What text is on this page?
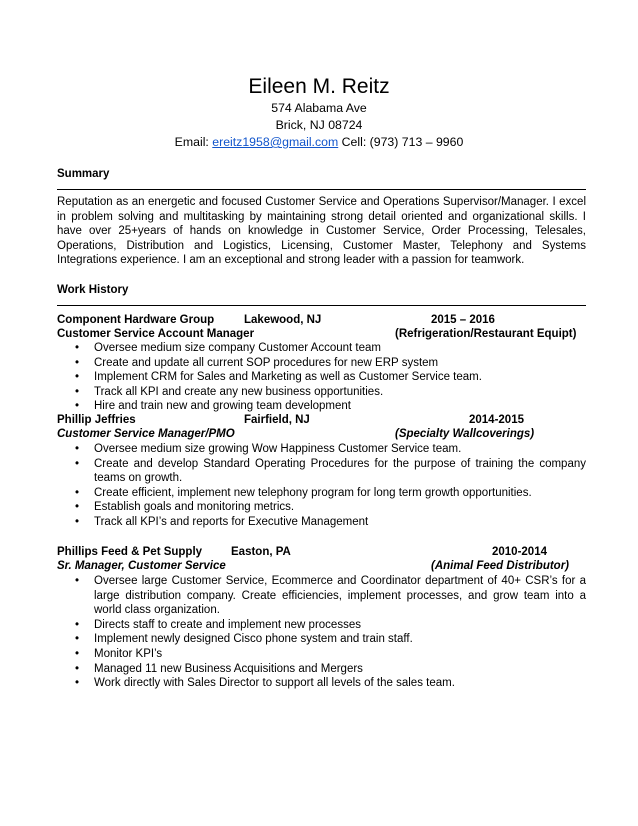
Eileen M. Reitz
574 Alabama Ave
Brick, NJ 08724
Email: ereitz1958@gmail.com Cell: (973) 713 – 9960
Summary
Reputation as an energetic and focused Customer Service and Operations Supervisor/Manager. I excel in problem solving and multitasking by maintaining strong detail oriented and organizational skills. I have over 25+years of hands on knowledge in Customer Service, Order Processing, Telesales, Operations, Distribution and Logistics, Licensing, Customer Master, Telephony and Systems Integrations experience. I am an exceptional and strong leader with a passion for teamwork.
Work History
Component Hardware Group	Lakewood, NJ	2015 – 2016
Customer Service Account Manager	(Refrigeration/Restaurant Equipt)
• Oversee medium size company Customer Account team
• Create and update all current SOP procedures for new ERP system
• Implement CRM for Sales and Marketing as well as Customer Service team.
• Track all KPI and create any new business opportunities.
• Hire and train new and growing team development
Phillip Jeffries	Fairfield, NJ	2014-2015
Customer Service Manager/PMO	(Specialty Wallcoverings)
• Oversee medium size growing Wow Happiness Customer Service team.
• Create and develop Standard Operating Procedures for the purpose of training the company teams on growth.
• Create efficient, implement new telephony program for long term growth opportunities.
• Establish goals and monitoring metrics.
• Track all KPI’s and reports for Executive Management
Phillips Feed & Pet Supply	Easton, PA	2010-2014
Sr. Manager, Customer Service	(Animal Feed Distributor)
• Oversee large Customer Service, Ecommerce and Coordinator department of 40+ CSR’s for a large distribution company. Create efficiencies, implement processes, and grow team into a world class organization.
• Directs staff to create and implement new processes
• Implement newly designed Cisco phone system and train staff.
• Monitor KPI’s
• Managed 11 new Business Acquisitions and Mergers
• Work directly with Sales Director to support all levels of the sales team.
